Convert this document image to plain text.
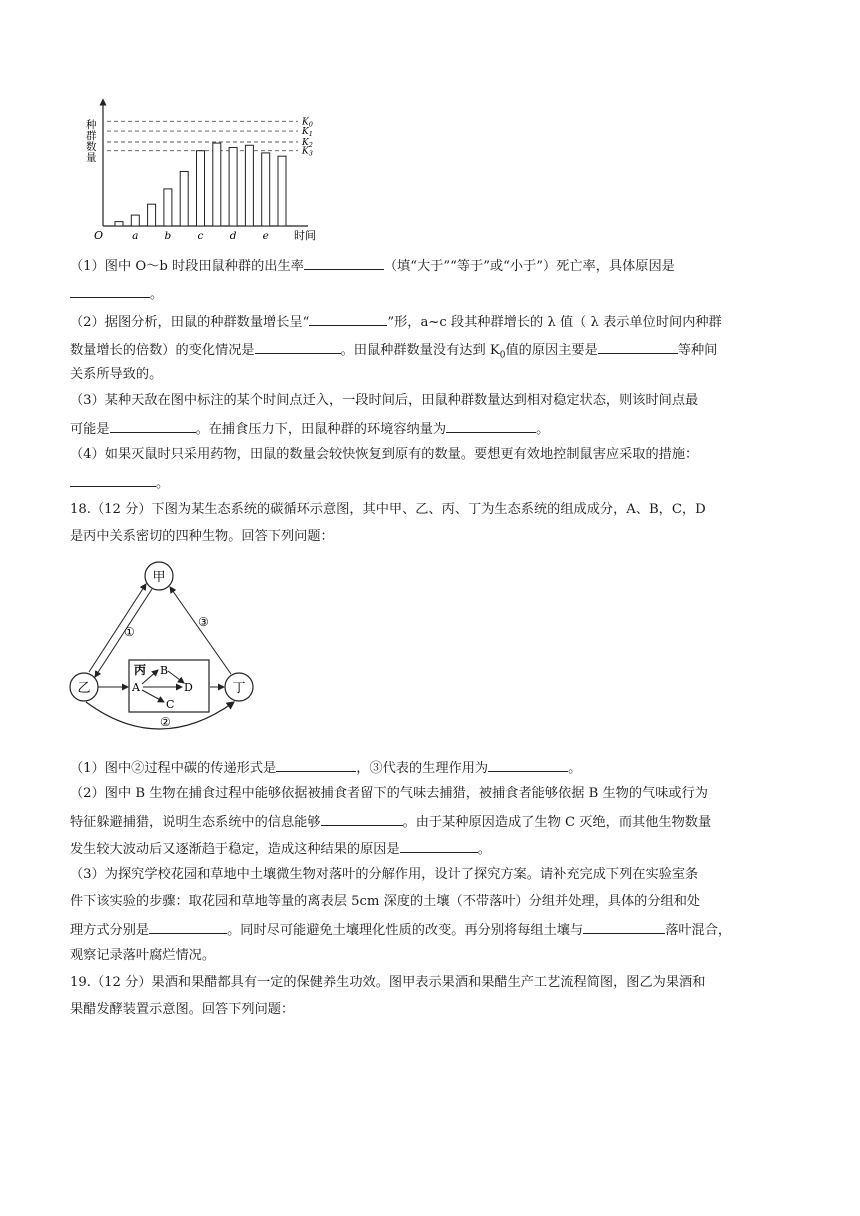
$K_0$
$K_1$
$K_2$
$K_3$
a b	c	d e
O	时间
种群数量
（1）图中 O～b 时段田鼠种群的出生率	（填“大于”“等于”或“小于”）死亡率，具体原因是
。
（2）据图分析，田鼠的种群数量增长呈“	”形，a~c 段其种群增长的 λ 值（ λ 表示单位时间内种群
数量增长的倍数）的变化情况是	。田鼠种群数量没有达到 $K_0$值的原因主要是	等种间
关系所导致的。
（3）某种天敌在图中标注的某个时间点迁入，一段时间后，田鼠种群数量达到相对稳定状态，则该时间点最
可能是	。在捕食压力下，田鼠种群的环境容纳量为	。
（4）如果灭鼠时只采用药物，田鼠的数量会较快恢复到原有的数量。要想更有效地控制鼠害应采取的措施：
。
18.（12 分）下图为某生态系统的碳循环示意图，其中甲、乙、丙、丁为生态系统的组成成分，A、B，C，D
是丙中关系密切的四种生物。回答下列问题：
甲
乙	丁
丙
A
B
C
D
①
③
②
（1）图中②过程中碳的传递形式是	，③代表的生理作用为	。
（2）图中 B 生物在捕食过程中能够依据被捕食者留下的气味去捕猎，被捕食者能够依据 B 生物的气味或行为
特征躲避捕猎，说明生态系统中的信息能够	。由于某种原因造成了生物 C 灭绝，而其他生物数量
发生较大波动后又逐渐趋于稳定，造成这种结果的原因是	。
（3）为探究学校花园和草地中土壤微生物对落叶的分解作用，设计了探究方案。请补充完成下列在实验室条
件下该实验的步骤：取花园和草地等量的离表层 5cm 深度的土壤（不带落叶）分组并处理，具体的分组和处
理方式分别是	。同时尽可能避免土壤理化性质的改变。再分别将每组土壤与	落叶混合，
观察记录落叶腐烂情况。
19.（12 分）果酒和果醋都具有一定的保健养生功效。图甲表示果酒和果醋生产工艺流程简图，图乙为果酒和
果醋发酵装置示意图。回答下列问题：
